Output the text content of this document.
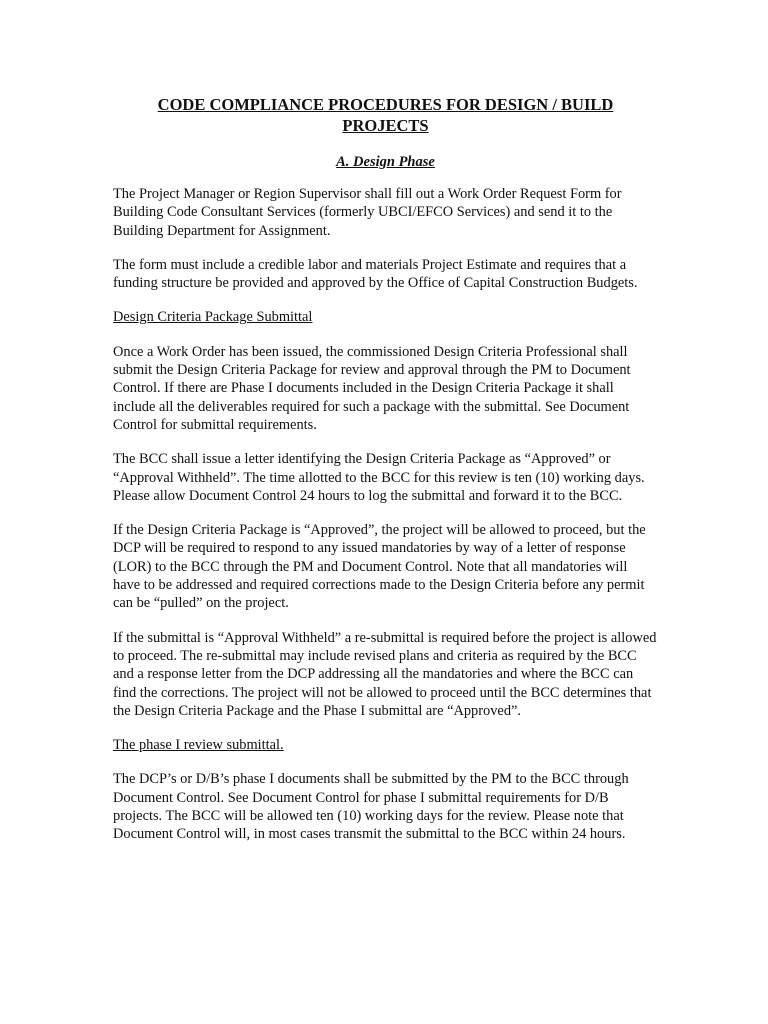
CODE COMPLIANCE PROCEDURES FOR DESIGN / BUILD
PROJECTS
A. Design Phase

The Project Manager or Region Supervisor shall fill out a Work Order Request Form for Building Code Consultant Services (formerly UBCI/EFCO Services) and send it to the Building Department for Assignment.

The form must include a credible labor and materials Project Estimate and requires that a funding structure be provided and approved by the Office of Capital Construction Budgets.

Design Criteria Package Submittal

Once a Work Order has been issued, the commissioned Design Criteria Professional shall submit the Design Criteria Package for review and approval through the PM to Document Control. If there are Phase I documents included in the Design Criteria Package it shall include all the deliverables required for such a package with the submittal. See Document Control for submittal requirements.

The BCC shall issue a letter identifying the Design Criteria Package as “Approved” or “Approval Withheld”. The time allotted to the BCC for this review is ten (10) working days. Please allow Document Control 24 hours to log the submittal and forward it to the BCC.

If the Design Criteria Package is “Approved”, the project will be allowed to proceed, but the DCP will be required to respond to any issued mandatories by way of a letter of response (LOR) to the BCC through the PM and Document Control. Note that all mandatories will have to be addressed and required corrections made to the Design Criteria before any permit can be “pulled” on the project.

If the submittal is “Approval Withheld” a re-submittal is required before the project is allowed to proceed. The re-submittal may include revised plans and criteria as required by the BCC and a response letter from the DCP addressing all the mandatories and where the BCC can find the corrections. The project will not be allowed to proceed until the BCC determines that the Design Criteria Package and the Phase I submittal are “Approved”.

The phase I review submittal.

The DCP’s or D/B’s phase I documents shall be submitted by the PM to the BCC through Document Control. See Document Control for phase I submittal requirements for D/B projects. The BCC will be allowed ten (10) working days for the review. Please note that Document Control will, in most cases transmit the submittal to the BCC within 24 hours.
